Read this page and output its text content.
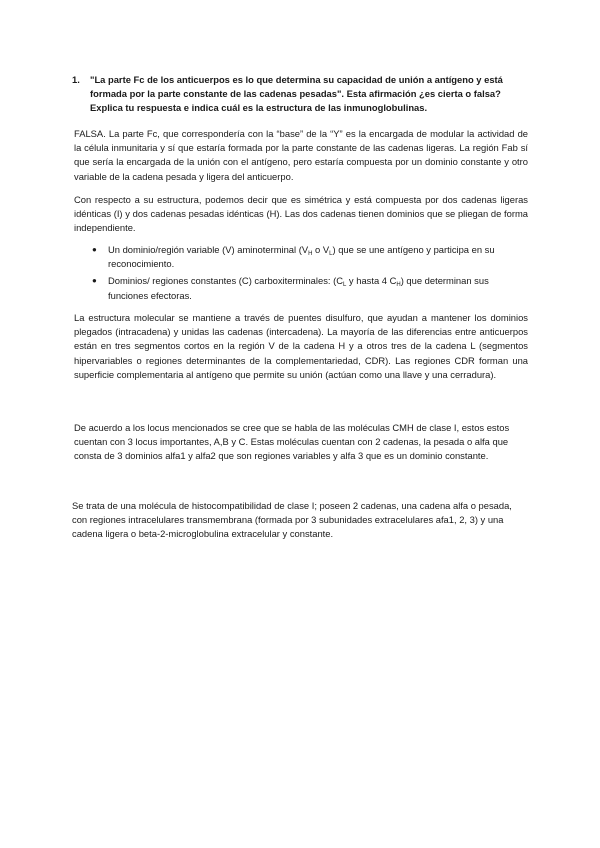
1.	"La parte Fc de los anticuerpos es lo que determina su capacidad de unión a antígeno y está formada por la parte constante de las cadenas pesadas". Esta afirmación ¿es cierta o falsa? Explica tu respuesta e indica cuál es la estructura de las inmunoglobulinas.

FALSA. La parte Fc, que correspondería con la “base” de la “Y” es la encargada de modular la actividad de la célula inmunitaria y sí que estaría formada por la parte constante de las cadenas ligeras. La región Fab sí que sería la encargada de la unión con el antígeno, pero estaría compuesta por un dominio constante y otro variable de la cadena pesada y ligera del anticuerpo.

Con respecto a su estructura, podemos decir que es simétrica y está compuesta por dos cadenas ligeras idénticas (I) y dos cadenas pesadas idénticas (H). Las dos cadenas tienen dominios que se pliegan de forma independiente.

● Un dominio/región variable (V) aminoterminal ($V_H$ o $V_L$) que se une antígeno y participa en su reconocimiento.
● Dominios/ regiones constantes (C) carboxiterminales: ($C_L$ y hasta 4 $C_H$) que determinan sus funciones efectoras.

La estructura molecular se mantiene a través de puentes disulfuro, que ayudan a mantener los dominios plegados (intracadena) y unidas las cadenas (intercadena). La mayoría de las diferencias entre anticuerpos están en tres segmentos cortos en la región V de la cadena H y a otros tres de la cadena L (segmentos hipervariables o regiones determinantes de la complementariedad, CDR). Las regiones CDR forman una superficie complementaria al antígeno que permite su unión (actúan como una llave y una cerradura).

De acuerdo a los locus mencionados se cree que se habla de las moléculas CMH de clase I, estos estos cuentan con 3 locus importantes, A,B y C. Estas moléculas cuentan con 2 cadenas, la pesada o alfa que consta de 3 dominios alfa1 y alfa2 que son regiones variables y alfa 3 que es un dominio constante.

Se trata de una molécula de histocompatibilidad de clase I; poseen 2 cadenas, una cadena alfa o pesada, con regiones intracelulares transmembrana (formada por 3 subunidades extracelulares afa1, 2, 3) y una cadena ligera o beta-2-microglobulina extracelular y constante.
